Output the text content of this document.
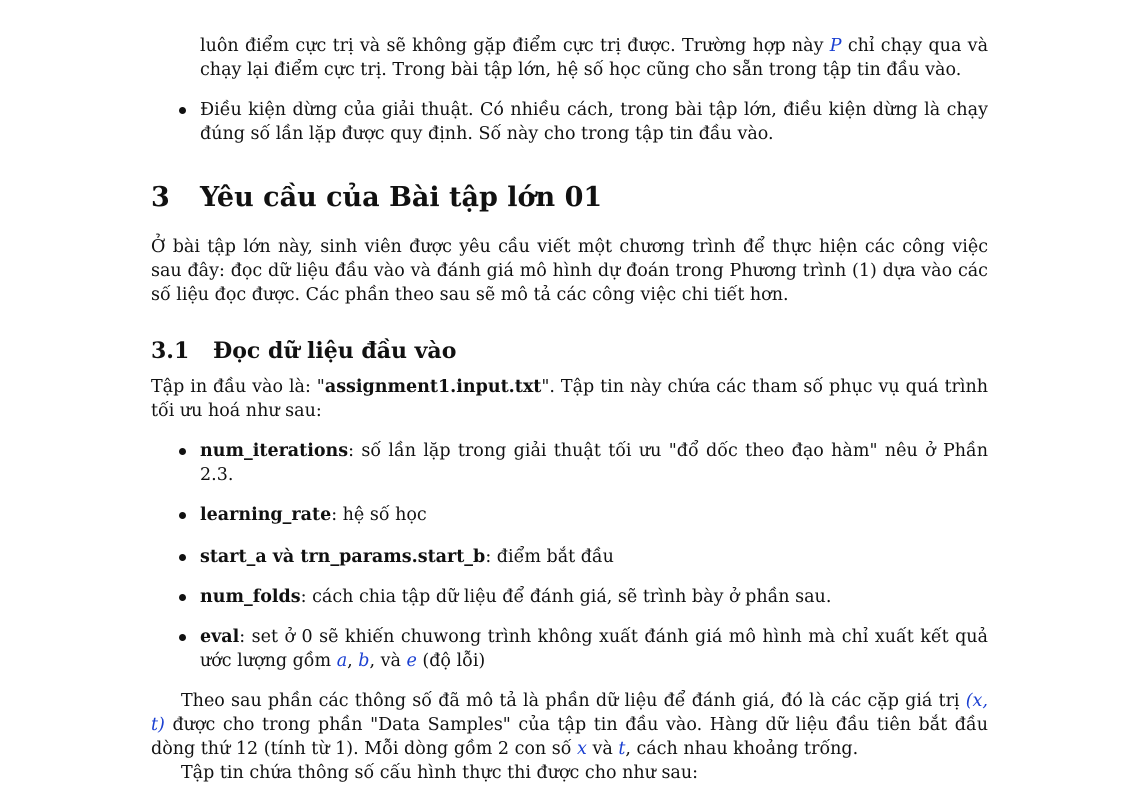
luôn điểm cực trị và sẽ không gặp điểm cực trị được. Trường hợp này P chỉ chạy qua và chạy lại điểm cực trị. Trong bài tập lớn, hệ số học cũng cho sẵn trong tập tin đầu vào.

Điều kiện dừng của giải thuật. Có nhiều cách, trong bài tập lớn, điều kiện dừng là chạy đúng số lần lặp được quy định. Số này cho trong tập tin đầu vào.
3	Yêu cầu của Bài tập lớn 01

Ở bài tập lớn này, sinh viên được yêu cầu viết một chương trình để thực hiện các công việc sau đây: đọc dữ liệu đầu vào và đánh giá mô hình dự đoán trong Phương trình (1) dựa vào các số liệu đọc được. Các phần theo sau sẽ mô tả các công việc chi tiết hơn.

3.1	Đọc dữ liệu đầu vào

Tập in đầu vào là: "assignment1.input.txt". Tập tin này chứa các tham số phục vụ quá trình tối ưu hoá như sau:

num_iterations: số lần lặp trong giải thuật tối ưu "đổ dốc theo đạo hàm" nêu ở Phần 2.3.
learning_rate: hệ số học
start_a và trn_params.start_b: điểm bắt đầu
num_folds: cách chia tập dữ liệu để đánh giá, sẽ trình bày ở phần sau.
eval: set ở 0 sẽ khiến chuwong trình không xuất đánh giá mô hình mà chỉ xuất kết quả ước lượng gồm a, b, và e (độ lỗi)

Theo sau phần các thông số đã mô tả là phần dữ liệu để đánh giá, đó là các cặp giá trị (x, t) được cho trong phần "Data Samples" của tập tin đầu vào. Hàng dữ liệu đầu tiên bắt đầu dòng thứ 12 (tính từ 1). Mỗi dòng gồm 2 con số x và t, cách nhau khoảng trống.

Tập tin chứa thông số cấu hình thực thi được cho như sau:
